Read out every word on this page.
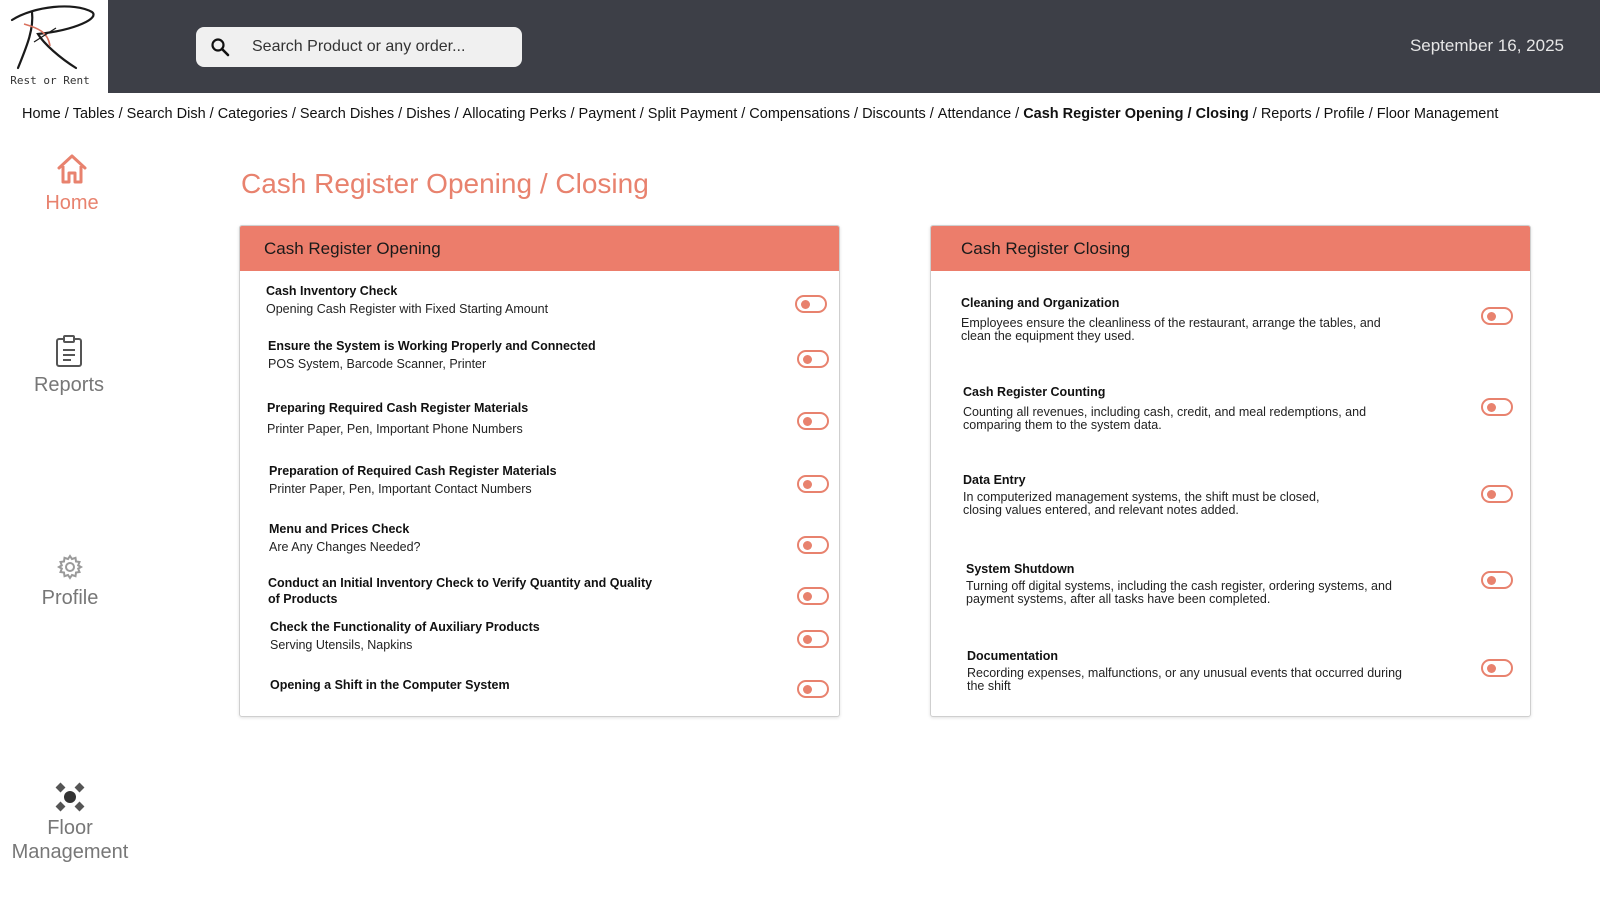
Rest or Rent
Search Product or any order...
September 16, 2025
Home / Tables / Search Dish / Categories / Search Dishes / Dishes / Allocating Perks / Payment / Split Payment / Compensations / Discounts / Attendance / Cash Register Opening / Closing / Reports / Profile / Floor Management
Home
Reports
Profile
Floor
Management
Cash Register Opening / Closing
Cash Register Opening
Cash Inventory Check
Opening Cash Register with Fixed Starting Amount
Ensure the System is Working Properly and Connected
POS System, Barcode Scanner, Printer
Preparing Required Cash Register Materials
Printer Paper, Pen, Important Phone Numbers
Preparation of Required Cash Register Materials
Printer Paper, Pen, Important Contact Numbers
Menu and Prices Check
Are Any Changes Needed?
Conduct an Initial Inventory Check to Verify Quantity and Quality
of Products
Check the Functionality of Auxiliary Products
Serving Utensils, Napkins
Opening a Shift in the Computer System
Cash Register Closing
Cleaning and Organization
Employees ensure the cleanliness of the restaurant, arrange the tables, and
clean the equipment they used.
Cash Register Counting
Counting all revenues, including cash, credit, and meal redemptions, and
comparing them to the system data.
Data Entry
In computerized management systems, the shift must be closed,
closing values entered, and relevant notes added.
System Shutdown
Turning off digital systems, including the cash register, ordering systems, and
payment systems, after all tasks have been completed.
Documentation
Recording expenses, malfunctions, or any unusual events that occurred during
the shift
